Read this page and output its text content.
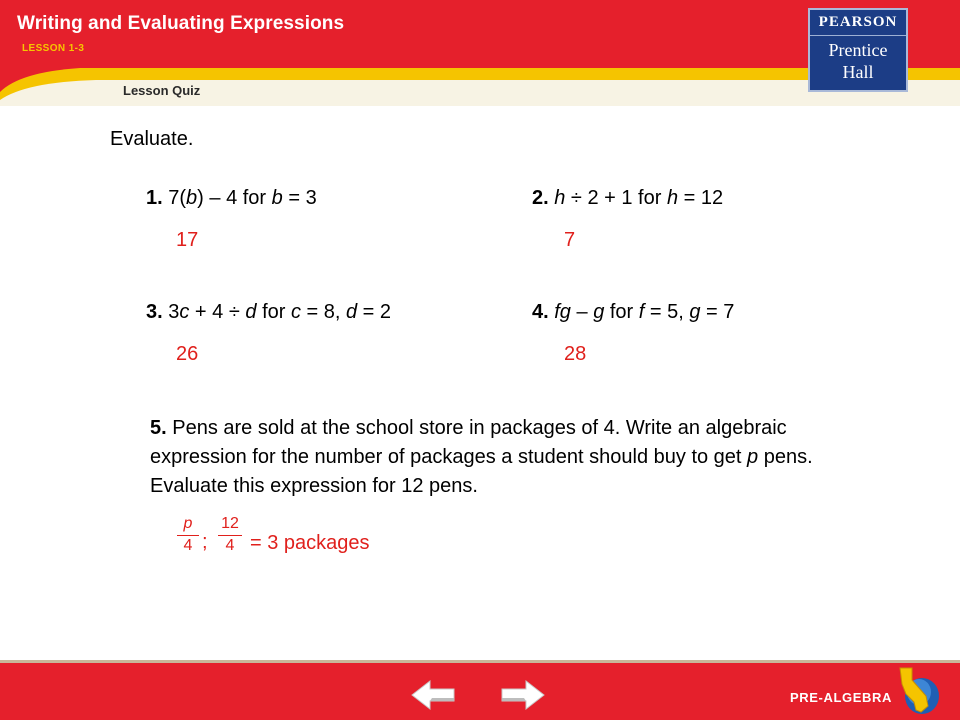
Writing and Evaluating Expressions
LESSON 1-3
Lesson Quiz
PEARSON
Prentice
Hall
Evaluate.
1. 7(b) – 4 for b = 3
17
2. h ÷ 2 + 1 for h = 12
7
3. 3c + 4 ÷ d for c = 8, d = 2
26
4. fg – g for f = 5, g = 7
28
5. Pens are sold at the school store in packages of 4. Write an algebraic expression for the number of packages a student should buy to get p pens. Evaluate this expression for 12 pens.
p
4 ;
12
4 = 3 packages
PRE-ALGEBRA
